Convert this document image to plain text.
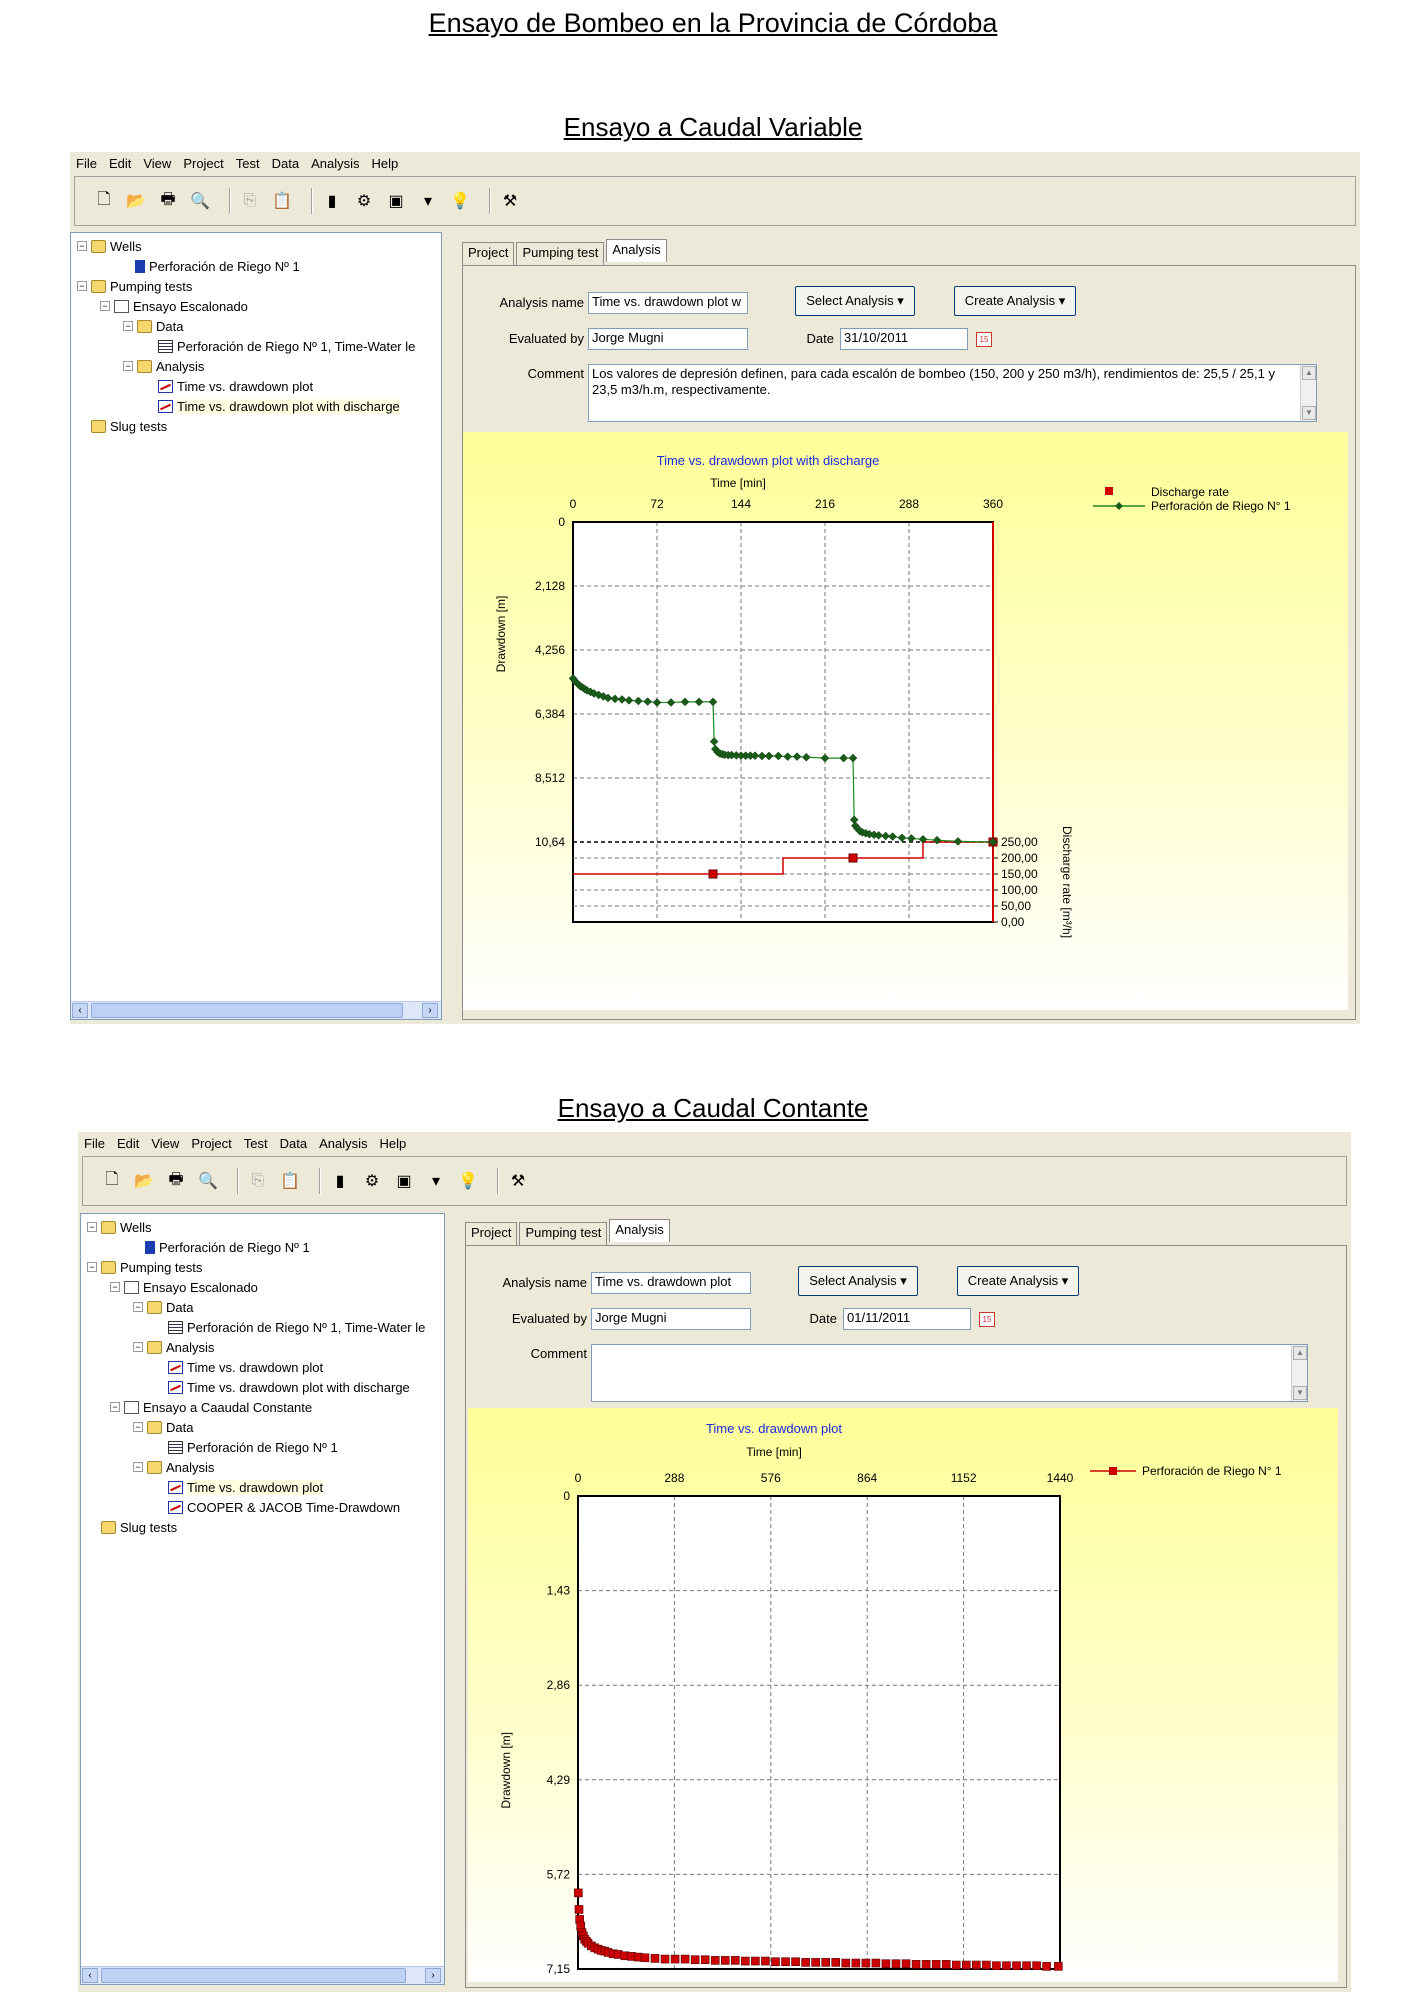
Ensayo de Bombeo en la Provincia de Córdoba
Ensayo a Caudal Variable
File Edit View Project Test Data Analysis Help
🗋 📂 🖶 🔍 ⎘ 📋	▮	⚙ ▣	▾	💡 ⚒
− Wells
Perforación de Riego Nº 1
− Pumping tests
− Ensayo Escalonado
− Data
Perforación de Riego Nº 1, Time-Water le
− Analysis
Time vs. drawdown plot
Time vs. drawdown plot with discharge
Slug tests
‹	›
Project	Pumping test	Analysis
Analysis name Time vs. drawdown plot w
Evaluated by Jorge Mugni
Select Analysis ▾	Create Analysis ▾
Date 31/10/2011	15
Comment Los valores de depresión definen, para cada escalón de bombeo (150, 200 y 250 m3/h), rendimientos de: 25,5 / 25,1 y 23,5 m3/h.m, respectivamente.
▲
▼
Time vs. drawdown plot with discharge
Time [min]
0	72	144	216	288	360
0
2,128
4,256
6,384
8,512
10,64
Drawdown [m]
250,00
200,00
150,00
100,00
50,00
0,00	Discharge rate [m³/h]
Discharge rate
Perforación de Riego N° 1
Ensayo a Caudal Contante
File Edit View Project Test Data Analysis Help
🗋 📂 🖶 🔍 ⎘ 📋	▮	⚙ ▣	▾	💡 ⚒
− Wells
Perforación de Riego Nº 1
− Pumping tests
− Ensayo Escalonado
− Data
Perforación de Riego Nº 1, Time-Water le
− Analysis
Time vs. drawdown plot
Time vs. drawdown plot with discharge
− Ensayo a Caaudal Constante
− Data
Perforación de Riego Nº 1
− Analysis
Time vs. drawdown plot
COOPER & JACOB Time-Drawdown
Slug tests
‹	›
Project	Pumping test	Analysis
Analysis name Time vs. drawdown plot
Evaluated by Jorge Mugni
Select Analysis ▾	Create Analysis ▾
Date 01/11/2011	15
Comment	▲
▼
Time vs. drawdown plot
Time [min]
0	288	576	864	1152	1440
0
1,43
2,86
4,29
5,72
7,15
Drawdown [m]
Perforación de Riego N° 1
